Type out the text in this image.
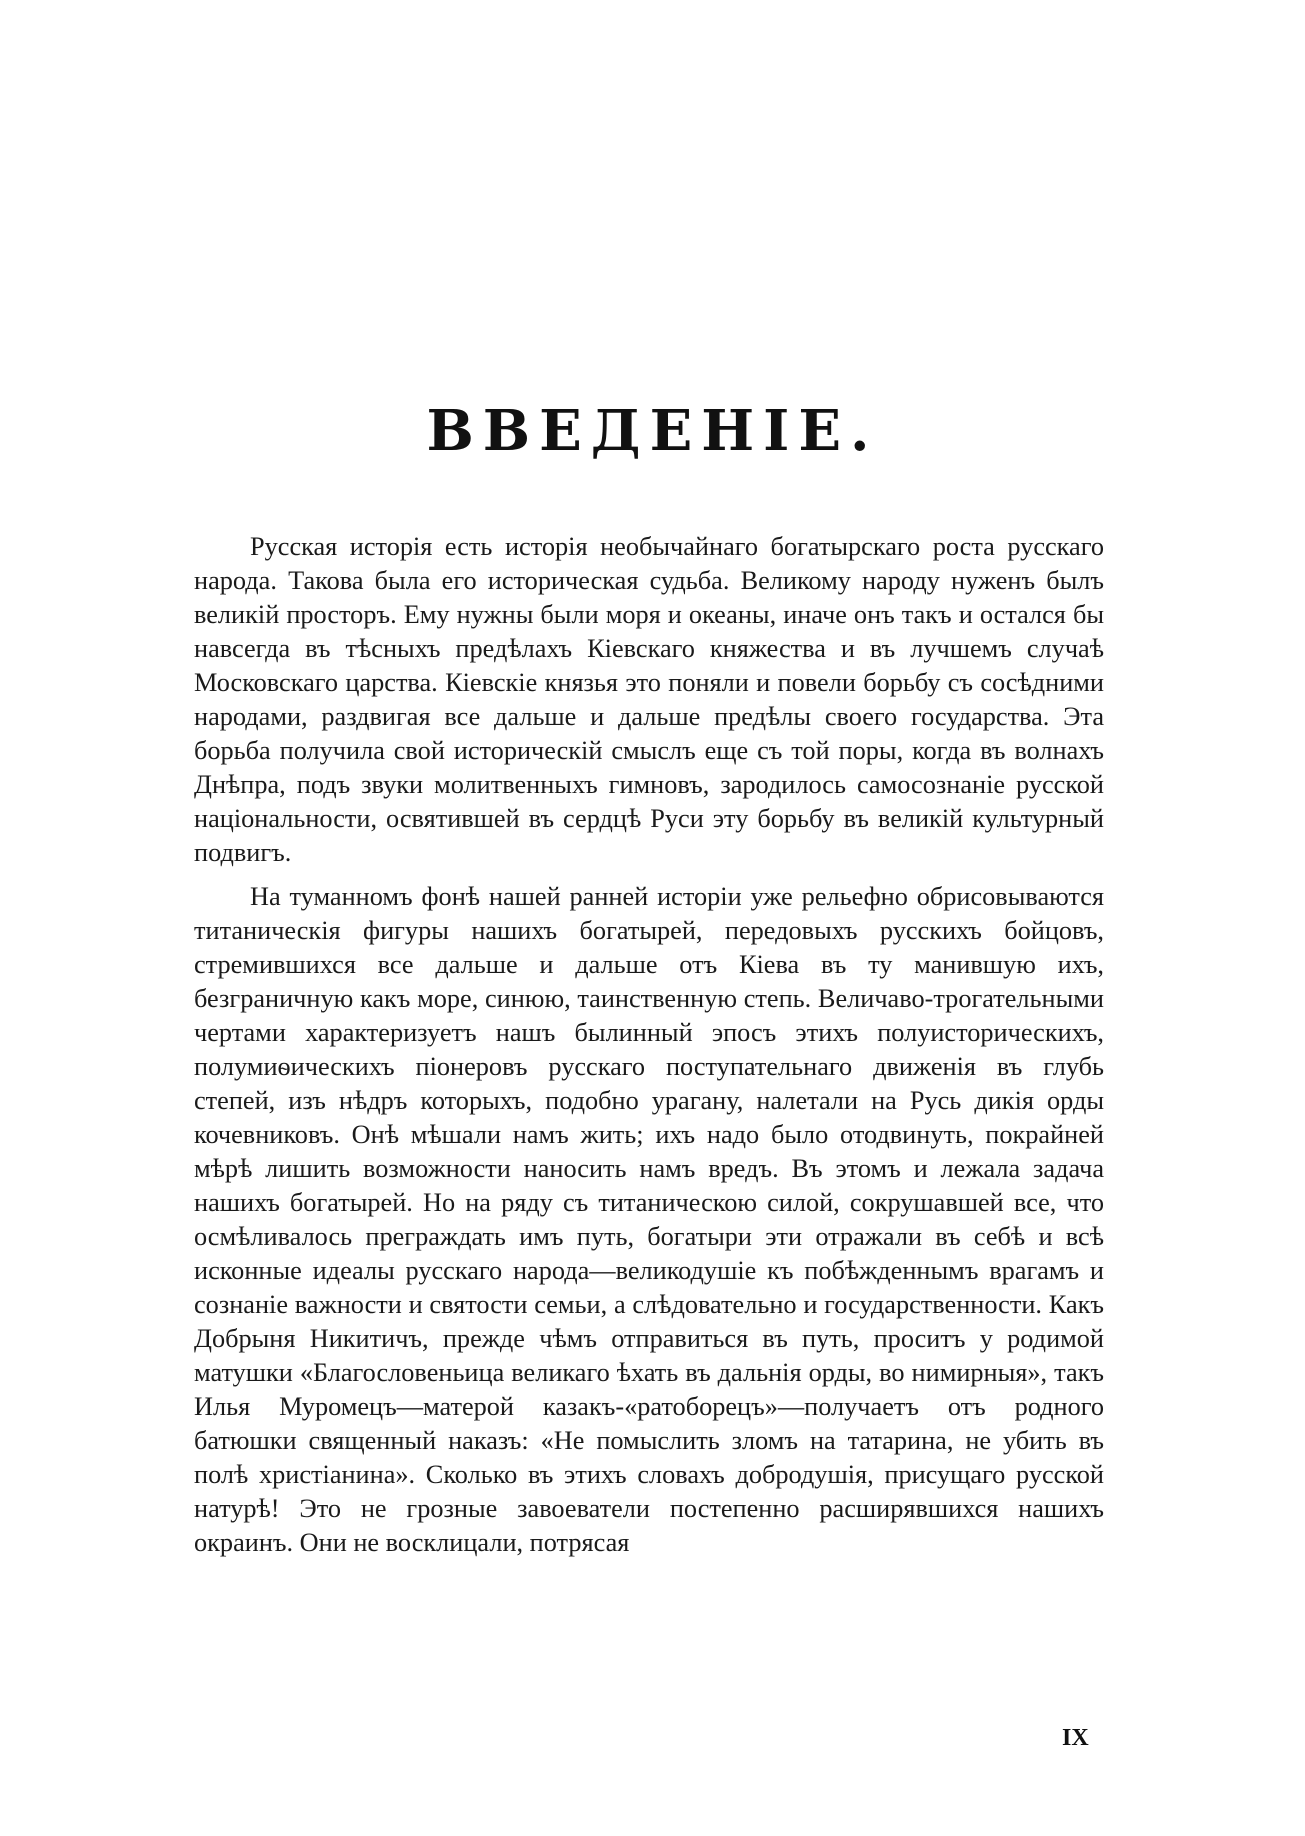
ВВЕДЕНIЕ.

Русская исторія есть исторія необычайнаго богатырскаго роста русскаго народа. Такова была его историческая судьба. Великому народу нуженъ былъ великій просторъ. Ему нужны были моря и океаны, иначе онъ такъ и остался бы навсегда въ тѣсныхъ предѣлахъ Кіевскаго княжества и въ лучшемъ случаѣ Московскаго царства. Кіевскіе князья это поняли и повели борьбу съ сосѣдними народами, раздвигая все дальше и дальше предѣлы своего государства. Эта борьба получила свой историческій смыслъ еще съ той поры, когда въ волнахъ Днѣпра, подъ звуки молитвенныхъ гимновъ, зародилось самосознаніе русской національности, освятившей въ сердцѣ Руси эту борьбу въ великій культурный подвигъ.

На туманномъ фонѣ нашей ранней исторіи уже рельефно обрисовываются титаническія фигуры нашихъ богатырей, передовыхъ русскихъ бойцовъ, стремившихся все дальше и дальше отъ Кіева въ ту манившую ихъ, безграничную какъ море, синюю, таинственную степь. Величаво-трогательными чертами характеризуетъ нашъ былинный эпосъ этихъ полуисторическихъ, полумиѳическихъ піонеровъ русскаго поступательнаго движенія въ глубь степей, изъ нѣдръ которыхъ, подобно урагану, налетали на Русь дикія орды кочевниковъ. Онѣ мѣшали намъ жить; ихъ надо было отодвинуть, покрайней мѣрѣ лишить возможности наносить намъ вредъ. Въ этомъ и лежала задача нашихъ богатырей. Но на ряду съ титаническою силой, сокрушавшей все, что осмѣливалось преграждать имъ путь, богатыри эти отражали въ себѣ и всѣ исконные идеалы русскаго народа—великодушіе къ побѣжденнымъ врагамъ и сознаніе важности и святости семьи, а слѣдовательно и государственности. Какъ Добрыня Никитичъ, прежде чѣмъ отправиться въ путь, проситъ у родимой матушки «Благословеньица великаго ѣхать въ дальнія орды, во нимирныя», такъ Илья Муромецъ—матерой казакъ-«ратоборецъ»—получаетъ отъ родного батюшки священный наказъ: «Не помыслить зломъ на татарина, не убить въ полѣ христіанина». Сколько въ этихъ словахъ добродушія, присущаго русской натурѣ! Это не грозные завоеватели постепенно расширявшихся нашихъ окраинъ. Они не восклицали, потрясая

IX
